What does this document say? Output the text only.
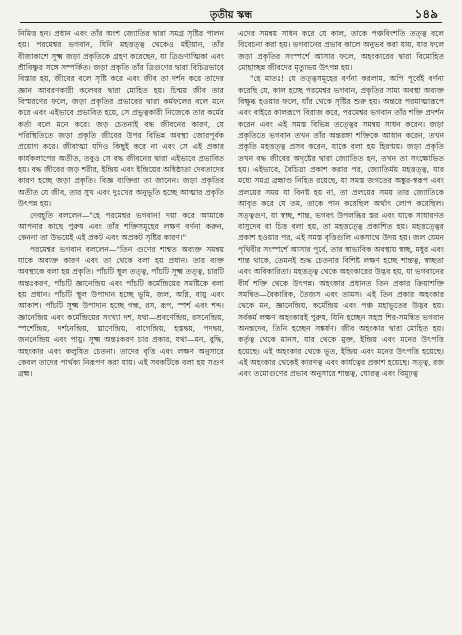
তৃতীয় স্কন্ধ	১৪৯

নিমিত্ত হন। প্রধান এবং তাঁর অংশ জ্যোতির দ্বারা সমগ্র সৃষ্টির পালন হয়। পরমেশ্বর ভগবান, যিনি মহত্তত্ত্ব থেকেও মহীয়ান, তাঁর বীজাকাশে সূক্ষ্ম জড়া প্রকৃতিকে গ্রহণ করেছেন, যা ত্রিগুণাত্মিকা এবং শ্রীবিষ্ণুর সঙ্গে সম্পর্কিত। জড়া প্রকৃতি তাঁর ত্রিগুণের দ্বারা বিচিত্রভাবে বিস্তার হয়, জীবের বলে সৃষ্টি করে এবং জীব তা দর্শন করে তাদের জ্ঞান আবরণকারী কলেবর দ্বারা মোহিত হয়। চিন্ময় জীব তার বিস্মরণের ফলে, জড়া প্রকৃতির প্রভাবের দ্বারা কর্মফলের বলে মনে করে এবং এইভাবে প্রভাবিত হয়ে, সে প্রভুত্বকারী নিজেকে তার কর্মের কর্তা বলে মনে করে। জড় চেতনাই বদ্ধ জীবনের কারণ, যে পরিস্থিতিতে জড়া প্রকৃতি জীবের উপর বিভিন্ন অবস্থা জোরপূর্বক প্রয়োগ করে। জীবাত্মা যদিও কিছুই করে না এবং সে এই প্রকার কার্যকলাপের অতীত, তবুও সে বদ্ধ জীবনের দ্বারা এইভাবে প্রভাবিত হয়। বদ্ধ জীবের জড় শরীর, ইন্দ্রিয় এবং ইন্দ্রিয়ের অধিষ্ঠাতা দেবতাদের কারণ হচ্ছে জড়া প্রকৃতি। বিজ্ঞ ব্যক্তিরা তা জানেন। জড়া প্রকৃতির অতীত যে জীব, তার সুখ এবং দুঃখের অনুভূতি হচ্ছে আত্মার প্রকৃতি উৎপন্ন হয়।

দেবহূতি বললেন—"হে পরমেশ্বর ভগবান! দয়া করে আমাকে আপনার কাছে পুরুষ এবং তাঁর শক্তিসমূহের লক্ষণ বর্ণনা করুন, কেননা তা উভয়েই এই প্রকট এবং অপ্রকট সৃষ্টির কারণ।"

পরমেশ্বর ভগবান বললেন—"তিন গুণের শাশ্বত অব্যক্ত সমন্বয় যাকে অব্যক্ত কারণ এবং তা থেকে বলা হয় প্রধান। তার ব্যক্ত অবস্থাকে বলা হয় প্রকৃতি। পাঁচটি স্থূল তত্ত্ব, পাঁচটি সূক্ষ্ম তত্ত্ব, চারটি অন্তঃকরণ, পাঁচটি জ্ঞানেন্দ্রিয় এবং পাঁচটি কর্মেন্দ্রিয়ের সমষ্টিকে বলা হয় প্রধান। পাঁচটি স্থূল উপাদান হচ্ছে ভূমি, জল, অগ্নি, বায়ু এবং আকাশ। পাঁচটি সূক্ষ্ম উপাদান হচ্ছে গন্ধ, রস, রূপ, স্পর্শ এবং শব্দ। জ্ঞানেন্দ্রিয় এবং কর্মেন্দ্রিয়ের সংখ্যা দশ, যথা—শ্রবণেন্দ্রিয়, রসনেন্দ্রিয়, স্পর্শেন্দ্রিয়, দর্শনেন্দ্রিয়, ঘ্রাণেন্দ্রিয়, বাগেন্দ্রিয়, হস্তদ্বয়, পদদ্বয়, জননেন্দ্রিয় এবং পায়ু। সূক্ষ্ম অন্তঃকরণ চার প্রকার, যথা—মন, বুদ্ধি, অহংকার এবং কলুষিত চেতনা। তাদের বৃত্তি এবং লক্ষণ অনুসারে কেবল তাদের পার্থক্য নিরূপণ করা যায়। এই সবকটিকে বলা হয় সগুণ ব্রহ্ম।

এদের সমন্বয় সাধন করে যে কাল, তাকে পঞ্চবিংশতি তত্ত্ব বলে বিবেচনা করা হয়। ভগবানের প্রভাব কালে অনুভব করা যায়, যার ফলে জড়া প্রকৃতির সংস্পর্শে আসার ফলে, অহংকারের দ্বারা বিমোহিত মোহাচ্ছন্ন জীবদের মৃত্যুভয় উৎপন্ন হয়।

"হে মাতঃ! যে তত্ত্বসমূহের বর্ণনা করলাম, অপি পূর্বেই বর্ণনা করেছি যে, কাল হচ্ছে পরমেশ্বর ভগবান, প্রকৃতির সাম্য অবস্থা অব্যক্ত বিক্ষুব্ধ হওয়ার ফলে, যাঁর থেকে সৃষ্টির শুরু হয়। অন্তরে পরমাত্মারূপে এবং বাইরে কালরূপে বিরাজ করে, পরমেশ্বর ভগবান তাঁর শক্তি প্রদর্শন করেন এবং এই সমস্ত বিভিন্ন তত্ত্বের সমন্বয় সাধন করেন। জড়া প্রকৃতিতে ভগবান তখন তাঁর অন্তরঙ্গা শক্তিকে আধান করেন, তখন প্রকৃতি মহত্তত্ত্ব প্রসব করেন, যাকে বলা হয় হিরণ্ময়। জড়া প্রকৃতি তখন বদ্ধ জীবের অদৃষ্টের দ্বারা জ্যোতিত হন, তখন তা সংক্ষোভিত হয়। এইভাবে, বৈচিত্র্য প্রকাশ করার পর, জ্যোতির্ময় মহত্তত্ত্ব, যার মধ্যে সমগ্র ব্রহ্মাণ্ড নিহিত রয়েছে, যা সমস্ত জগতের অঙ্কুর-স্বরূপ এবং প্রলয়ের সময় যা বিনষ্ট হয় না, তা প্রলয়ের সময় তার জ্যোতিকে আবৃত করে যে তম, তাকে পান করেছিল অর্থাৎ লোপ করেছিল। সত্ত্বগুণ, যা স্বচ্ছ, শান্ত, ভগবৎ উপলব্ধির স্তর এবং যাকে সাধারণত বাসুদেব বা চিত্ত বলা হয়, তা মহত্তত্ত্বে প্রকাশিত হয়। মহত্তত্ত্বের প্রকাশ হওয়ার পর, এই সমস্ত বৃত্তিগুলি একসাথে উদয় হয়। জল যেমন পৃথিবীর সংস্পর্শে আসার পূর্বে, তার স্বাভাবিক অবস্থায় স্বচ্ছ, মধুর এবং শান্ত থাকে, তেমনই শুদ্ধ চেতনার বিশিষ্ট লক্ষণ হচ্ছে শান্তত্ব, স্বচ্ছতা এবং অবিকারিতা। মহত্তত্ত্ব থেকে অহংকারের উদ্ভব হয়, যা ভগবানের বীর্য শক্তি থেকে উৎপন্ন। অহংকার প্রধানত তিন প্রকার ক্রিয়াশক্তি সমন্বিত—বৈকারিক, তৈজস এবং তামস। এই তিন প্রকার অহংকার থেকে মন, জ্ঞানেন্দ্রিয়, কর্মেন্দ্রিয় এবং পঞ্চ মহাভূতের উদ্ভব হয়। সর্বকর্ম লক্ষণ অহংকারই পুরুষ, যিনি হচ্ছেন সহস্র শির-সমন্বিত ভগবান অনন্তদেব, তিনি হচ্ছেন সঙ্কর্ষণ। জীব অহংকার দ্বারা মোহিত হয়। কর্তৃত্ব থেকে মানস, যার থেকে মুক্ত, ইন্দ্রিয় এবং মনের উৎপত্তি হয়েছে। এই অহংকার থেকে ভূত, ইন্দ্রিয় এবং মনের উৎপত্তি হয়েছে। এই অহংকার থেকেই কারণত্ব এবং কার্যত্বের প্রকাশ হয়েছে। সত্ত্ব, রজ এবং তমোগুণের প্রভাব অনুসারে শান্তত্ব, ঘোরত্ব এবং বিমূঢ়ত্ব
